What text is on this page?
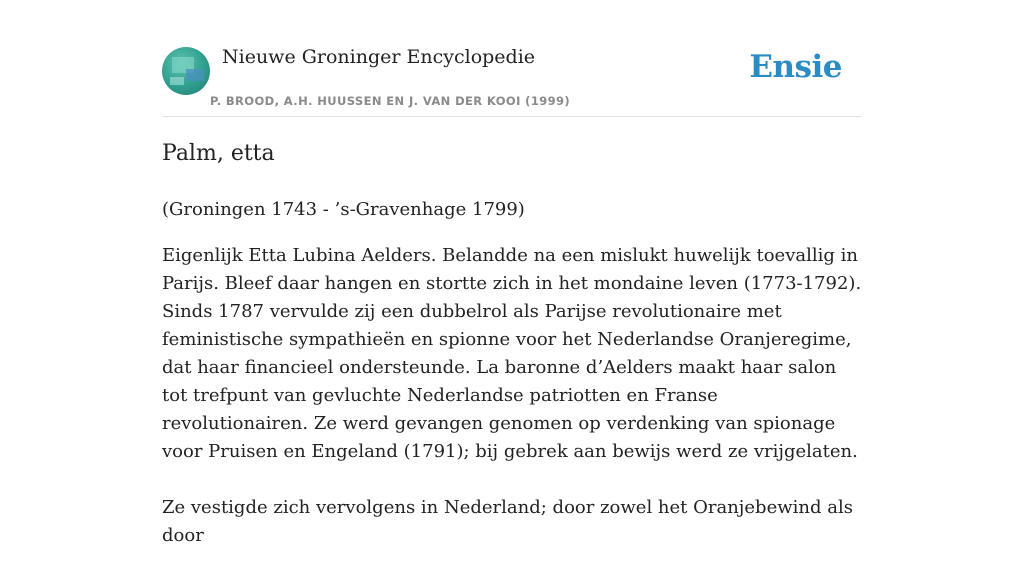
Nieuwe Groninger Encyclopedie
P. BROOD, A.H. HUUSSEN EN J. VAN DER KOOI (1999)
Ensie
Palm, etta

(Groningen 1743 - ’s-Gravenhage 1799)

Eigenlijk Etta Lubina Aelders. Belandde na een mislukt huwelijk toevallig in Parijs. Bleef daar hangen en stortte zich in het mondaine leven (1773-1792). Sinds 1787 vervulde zij een dubbelrol als Parijse revolutionaire met feministische sympathieën en spionne voor het Nederlandse Oranjeregime, dat haar financieel ondersteunde. La baronne d’Aelders maakt haar salon tot trefpunt van gevluchte Nederlandse patriotten en Franse revolutionairen. Ze werd gevangen genomen op verdenking van spionage voor Pruisen en Engeland (1791); bij gebrek aan bewijs werd ze vrijgelaten.

Ze vestigde zich vervolgens in Nederland; door zowel het Oranjebewind als door
